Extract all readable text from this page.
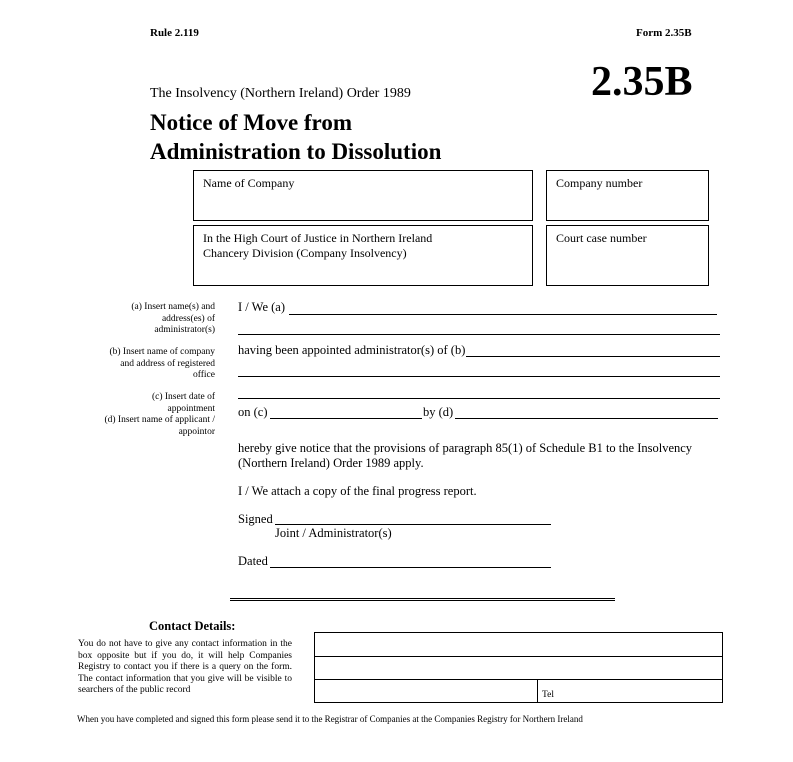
Rule 2.119	Form 2.35B
2.35B
The Insolvency (Northern Ireland) Order 1989
Notice of Move from
Administration to Dissolution
Name of Company	Company number
In the High Court of Justice in Northern Ireland
Chancery Division (Company Insolvency)
Court case number
(a) Insert name(s) and
address(es) of
administrator(s)
(b) Insert name of company
and address of registered
office
(c) Insert date of
appointment
(d) Insert name of applicant /
appointor
I / We (a)
having been appointed administrator(s) of (b)
on (c)	by (d)
hereby give notice that the provisions of paragraph 85(1) of Schedule B1 to the Insolvency
(Northern Ireland) Order 1989 apply.
I / We attach a copy of the final progress report.
Signed
Joint / Administrator(s)
Dated
Contact Details:
You do not have to give any contact information in the box opposite but if you do, it will help Companies Registry to contact you if there is a query on the form. The contact information that you give will be visible to searchers of the public record	Tel
When you have completed and signed this form please send it to the Registrar of Companies at the Companies Registry for Northern Ireland
